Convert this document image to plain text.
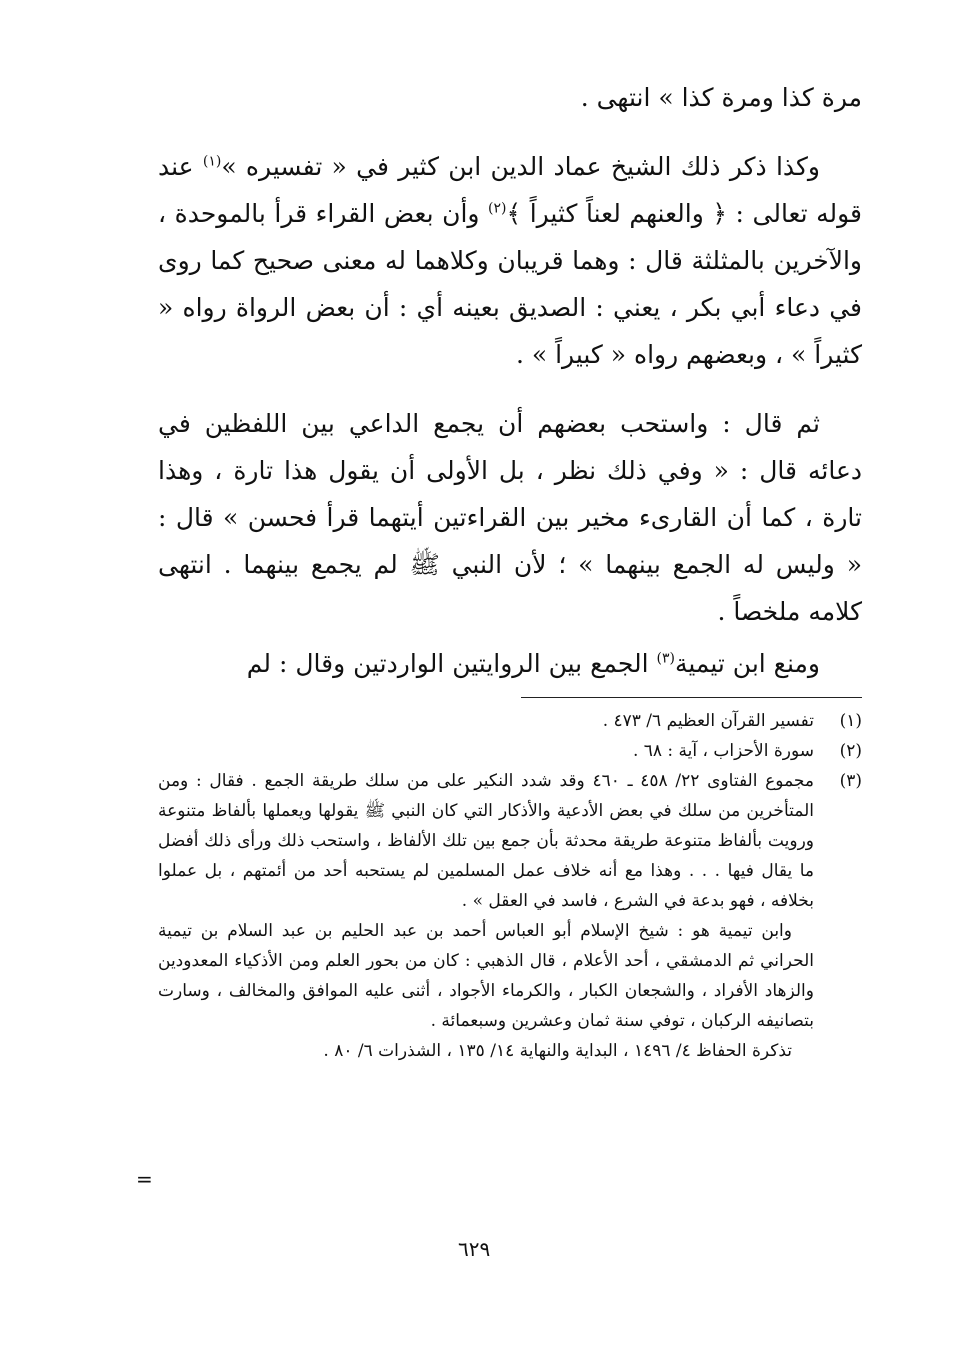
مرة كذا ومرة كذا » انتهى .

وكذا ذكر ذلك الشيخ عماد الدين ابن كثير في « تفسيره »$^{(١)}$ عند قوله تعالى : ﴿ والعنهم لعناً كثيراً ﴾$^{(٢)}$ وأن بعض القراء قرأ بالموحدة ، والآخرين بالمثلثة قال : وهما قريبان وكلاهما له معنى صحيح كما روى في دعاء أبي بكر ، يعني : الصديق بعينه أي : أن بعض الرواة رواه « كثيراً » ، وبعضهم رواه « كبيراً » .

ثم قال : واستحب بعضهم أن يجمع الداعي بين اللفظين في دعائه قال : « وفي ذلك نظر ، بل الأولى أن يقول هذا تارة ، وهذا تارة ، كما أن القارىء مخير بين القراءتين أيتهما قرأ فحسن » قال : « وليس له الجمع بينهما » ؛ لأن النبي ﷺ لم يجمع بينهما . انتهى كلامه ملخصاً .

ومنع ابن تيمية$^{(٣)}$ الجمع بين الروايتين الواردتين وقال : لم

(١)

تفسير القرآن العظيم ٦/ ٤٧٣ .

(٢)

سورة الأحزاب ، آية : ٦٨ .

(٣)

مجموع الفتاوى ٢٢/ ٤٥٨ ـ ٤٦٠ وقد شدد النكير على من سلك طريقة الجمع . فقال : ومن المتأخرين من سلك في بعض الأدعية والأذكار التي كان النبي ﷺ يقولها ويعملها بألفاظ متنوعة ورويت بألفاظ متنوعة طريقة محدثة بأن جمع بين تلك الألفاظ ، واستحب ذلك ورأى ذلك أفضل ما يقال فيها . . . وهذا مع أنه خلاف عمل المسلمين لم يستحبه أحد من أئمتهم ، بل عملوا بخلافه ، فهو بدعة في الشرع ، فاسد في العقل » .

وابن تيمية هو : شيخ الإسلام أبو العباس أحمد بن عبد الحليم بن عبد السلام بن تيمية الحراني ثم الدمشقي ، أحد الأعلام ، قال الذهبي : كان من بحور العلم ومن الأذكياء المعدودين والزهاد الأفراد ، والشجعان الكبار ، والكرماء الأجواد ، أثنى عليه الموافق والمخالف ، وسارت بتصانيفه الركبان ، توفي سنة ثمان وعشرين وسبعمائة .

تذكرة الحفاظ ٤/ ١٤٩٦ ، البداية والنهاية ١٤/ ١٣٥ ، الشذرات ٦/ ٨٠ .

=
٦٢٩
